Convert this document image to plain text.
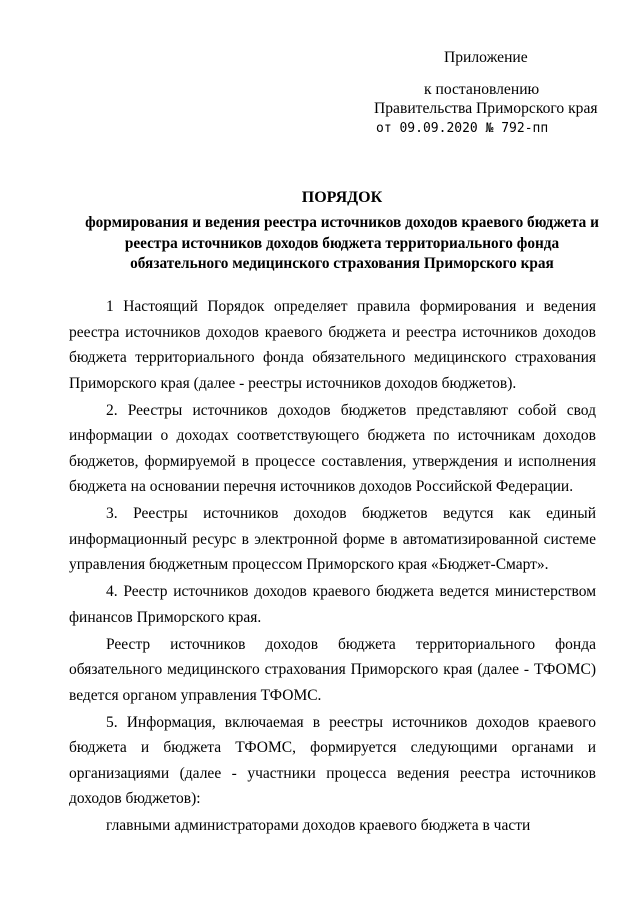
Приложение
к постановлению
Правительства Приморского края
от 09.09.2020 № 792-пп
ПОРЯДОК
формирования и ведения реестра источников доходов краевого бюджета и
реестра источников доходов бюджета территориального фонда
обязательного медицинского страхования Приморского края

1 Настоящий Порядок определяет правила формирования и ведения реестра источников доходов краевого бюджета и реестра источников доходов бюджета территориального фонда обязательного медицинского страхования Приморского края (далее - реестры источников доходов бюджетов).

2. Реестры источников доходов бюджетов представляют собой свод информации о доходах соответствующего бюджета по источникам доходов бюджетов, формируемой в процессе составления, утверждения и исполнения бюджета на основании перечня источников доходов Российской Федерации.

3. Реестры источников доходов бюджетов ведутся как единый информационный ресурс в электронной форме в автоматизированной системе управления бюджетным процессом Приморского края «Бюджет-Смарт».

4. Реестр источников доходов краевого бюджета ведется министерством финансов Приморского края.

Реестр источников доходов бюджета территориального фонда обязательного медицинского страхования Приморского края (далее - ТФОМС) ведется органом управления ТФОМС.

5. Информация, включаемая в реестры источников доходов краевого бюджета и бюджета ТФОМС, формируется следующими органами и организациями (далее - участники процесса ведения реестра источников доходов бюджетов):

главными администраторами доходов краевого бюджета в части
